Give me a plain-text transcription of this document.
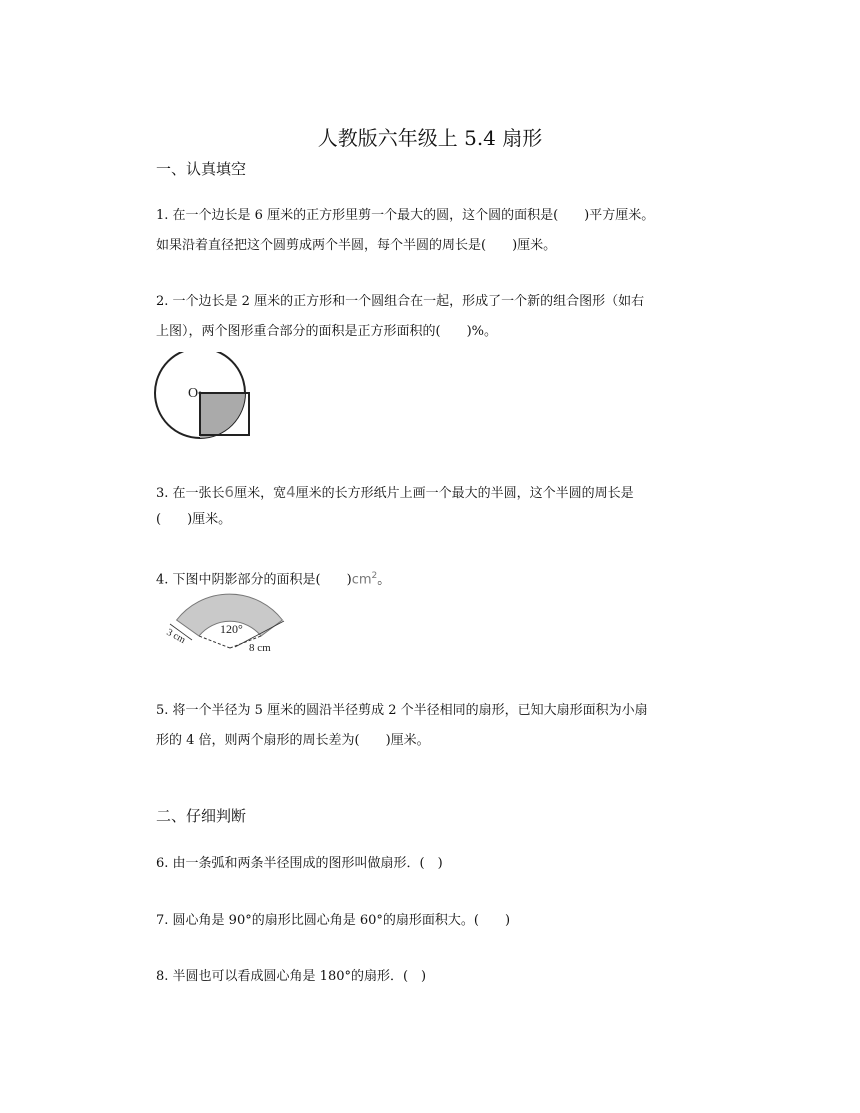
人教版六年级上 5.4 扇形
一、认真填空
1. 在一个边长是 6 厘米的正方形里剪一个最大的圆，这个圆的面积是(　　)平方厘米。
如果沿着直径把这个圆剪成两个半圆，每个半圆的周长是(　　)厘米。
2. 一个边长是 2 厘米的正方形和一个圆组合在一起，形成了一个新的组合图形（如右
上图），两个图形重合部分的面积是正方形面积的(　　)%。
O
3. 在一张长6厘米，宽4厘米的长方形纸片上画一个最大的半圆，这个半圆的周长是
(　　)厘米。
4. 下图中阴影部分的面积是(　　)$cm^2$。
120°
3 cm
8 cm
5. 将一个半径为 5 厘米的圆沿半径剪成 2 个半径相同的扇形，已知大扇形面积为小扇
形的 4 倍，则两个扇形的周长差为(　　)厘米。
二、仔细判断
6. 由一条弧和两条半径围成的图形叫做扇形．(　)
7. 圆心角是 90°的扇形比圆心角是 60°的扇形面积大。(　　)
8. 半圆也可以看成圆心角是 180°的扇形．(　)
